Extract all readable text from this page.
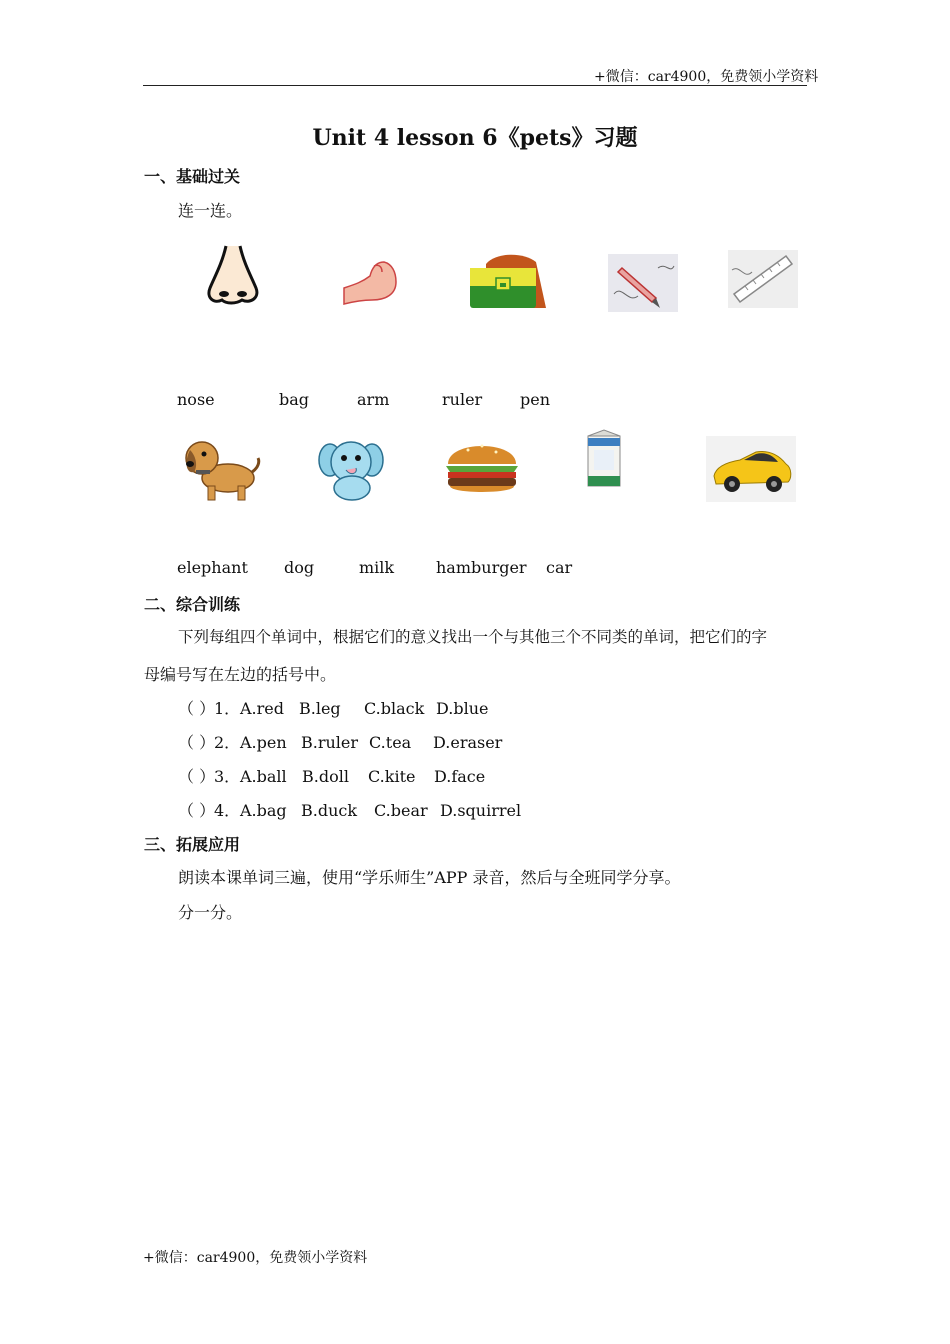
+微信：car4900，免费领小学资料
Unit 4 lesson 6《pets》习题
一、基础过关
连一连。
nose	bag	arm	ruler pen
elephant dog	milk	hamburger car
二、综合训练
下列每组四个单词中，根据它们的意义找出一个与其他三个不同类的单词，把它们的字
母编号写在左边的括号中。
（ ）1．A.red B.leg C.black D.blue
（ ）2．A.pen B.ruler C.tea D.eraser
（ ）3．A.ball B.doll C.kite D.face
（ ）4．A.bag B.duck C.bear D.squirrel
三、拓展应用
朗读本课单词三遍，使用“学乐师生”APP 录音，然后与全班同学分享。
分一分。
+微信：car4900，免费领小学资料
